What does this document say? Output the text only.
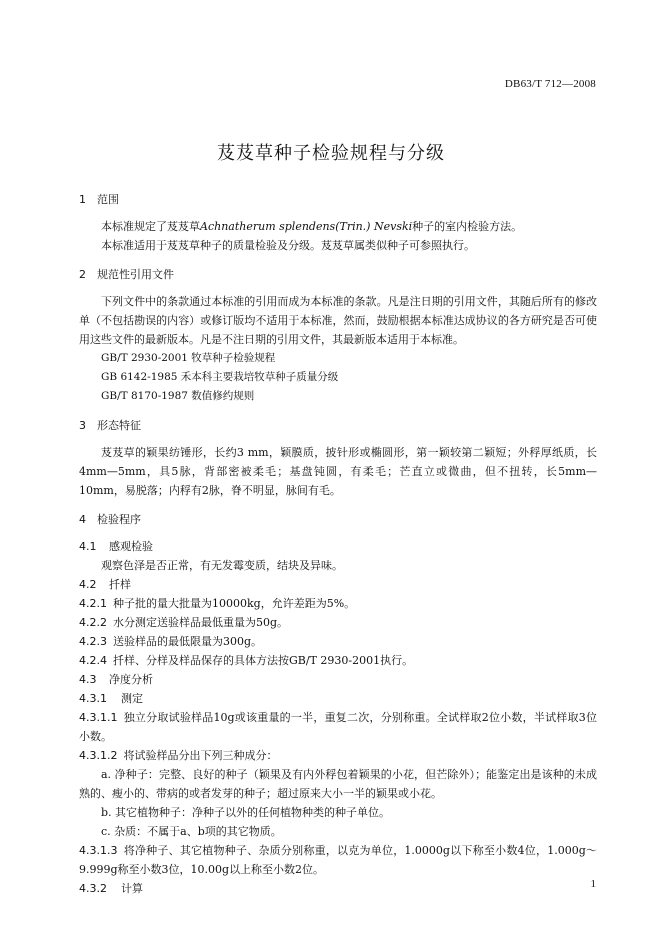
DB63/T 712—2008
芨芨草种子检验规程与分级
1 范围

本标准规定了芨芨草Achnatherum splendens(Trin.) Nevski种子的室内检验方法。

本标准适用于芨芨草种子的质量检验及分级。芨芨草属类似种子可参照执行。

2 规范性引用文件

下列文件中的条款通过本标准的引用而成为本标准的条款。凡是注日期的引用文件，其随后所有的修改单（不包括勘误的内容）或修订版均不适用于本标准，然而，鼓励根据本标准达成协议的各方研究是否可使用这些文件的最新版本。凡是不注日期的引用文件，其最新版本适用于本标准。

GB/T 2930-2001 牧草种子检验规程
GB 6142-1985 禾本科主要栽培牧草种子质量分级
GB/T 8170-1987 数值修约规则
3 形态特征

芨芨草的颖果纺锤形，长约3 mm，颖膜质，披针形或椭圆形，第一颖较第二颖短；外稃厚纸质，长4mm—5mm，具5脉，背部密被柔毛；基盘钝圆，有柔毛；芒直立或微曲，但不扭转，长5mm—10mm，易脱落；内稃有2脉，脊不明显，脉间有毛。

4 检验程序
4.1 感观检验

观察色泽是否正常，有无发霉变质，结块及异味。

4.2 扦样

4.2.1 种子批的量大批量为10000kg，允许差距为5%。

4.2.2 水分测定送验样品最低重量为50g。

4.2.3 送验样品的最低限量为300g。

4.2.4 扦样、分样及样品保存的具体方法按GB/T 2930-2001执行。

4.3 净度分析
4.3.1 测定

4.3.1.1 独立分取试验样品10g或该重量的一半，重复二次，分别称重。全试样取2位小数，半试样取3位小数。

4.3.1.2 将试验样品分出下列三种成分：

a. 净种子：完整、良好的种子（颖果及有内外稃包着颖果的小花，但芒除外）；能鉴定出是该种的未成熟的、瘦小的、带病的或者发芽的种子；超过原来大小一半的颖果或小花。

b. 其它植物种子：净种子以外的任何植物种类的种子单位。

c. 杂质：不属于a、b项的其它物质。

4.3.1.3 将净种子、其它植物种子、杂质分别称重，以克为单位，1.0000g以下称至小数4位，1.000g～9.999g称至小数3位，10.00g以上称至小数2位。

4.3.2 计算	1
